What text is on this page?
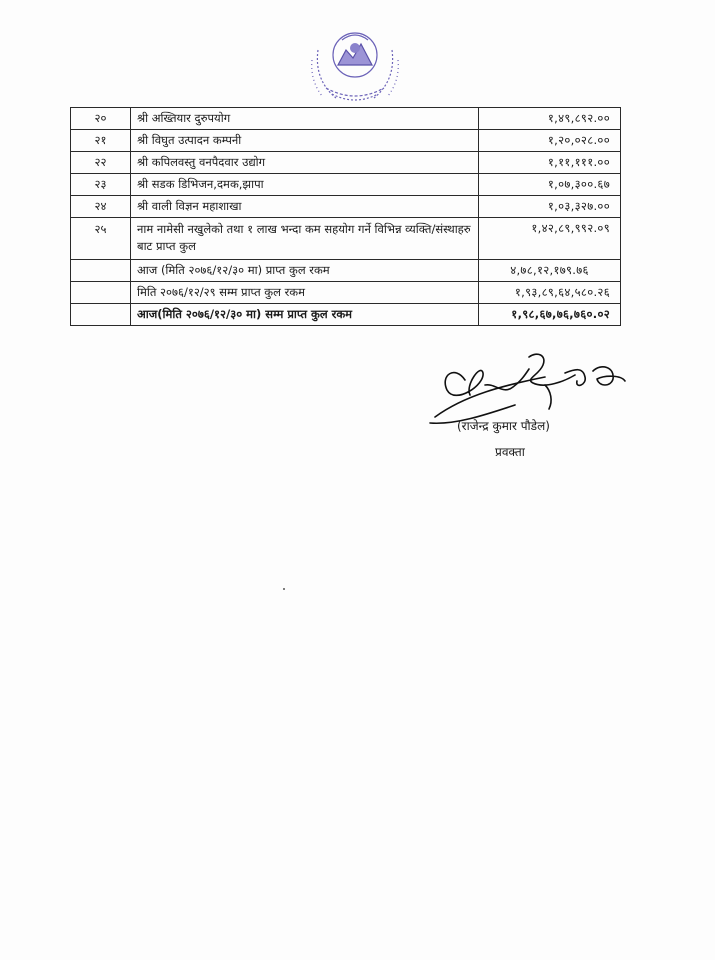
२०	श्री अख्तियार दुरुपयोग	१,४९,८९२.००
२१	श्री विघुत उत्पादन कम्पनी	१,२०,०२८.००
२२	श्री कपिलवस्तु वनपैदवार उद्योग	१,११,१११.००
२३	श्री सडक डिभिजन,दमक,झापा	१,०७,३००.६७
२४	श्री वाली विज्ञन महाशाखा	१,०३,३२७.००
२५	नाम नामेसी नखुलेको तथा १ लाख भन्दा कम सहयोग गर्ने विभिन्न व्यक्ति/संस्थाहरु बाट प्राप्त कुल	१,४२,८९,९९२.०९
	आज (मिति २०७६/१२/३० मा) प्राप्त कुल रकम	४,७८,१२,१७९.७६
	मिति २०७६/१२/२९ सम्म प्राप्त कुल रकम	१,९३,८९,६४,५८०.२६
	आज(मिति २०७६/१२/३० मा) सम्म प्राप्त कुल रकम	१,९८,६७,७६,७६०.०२
(राजेन्द्र कुमार पौडेल)
प्रवक्ता
